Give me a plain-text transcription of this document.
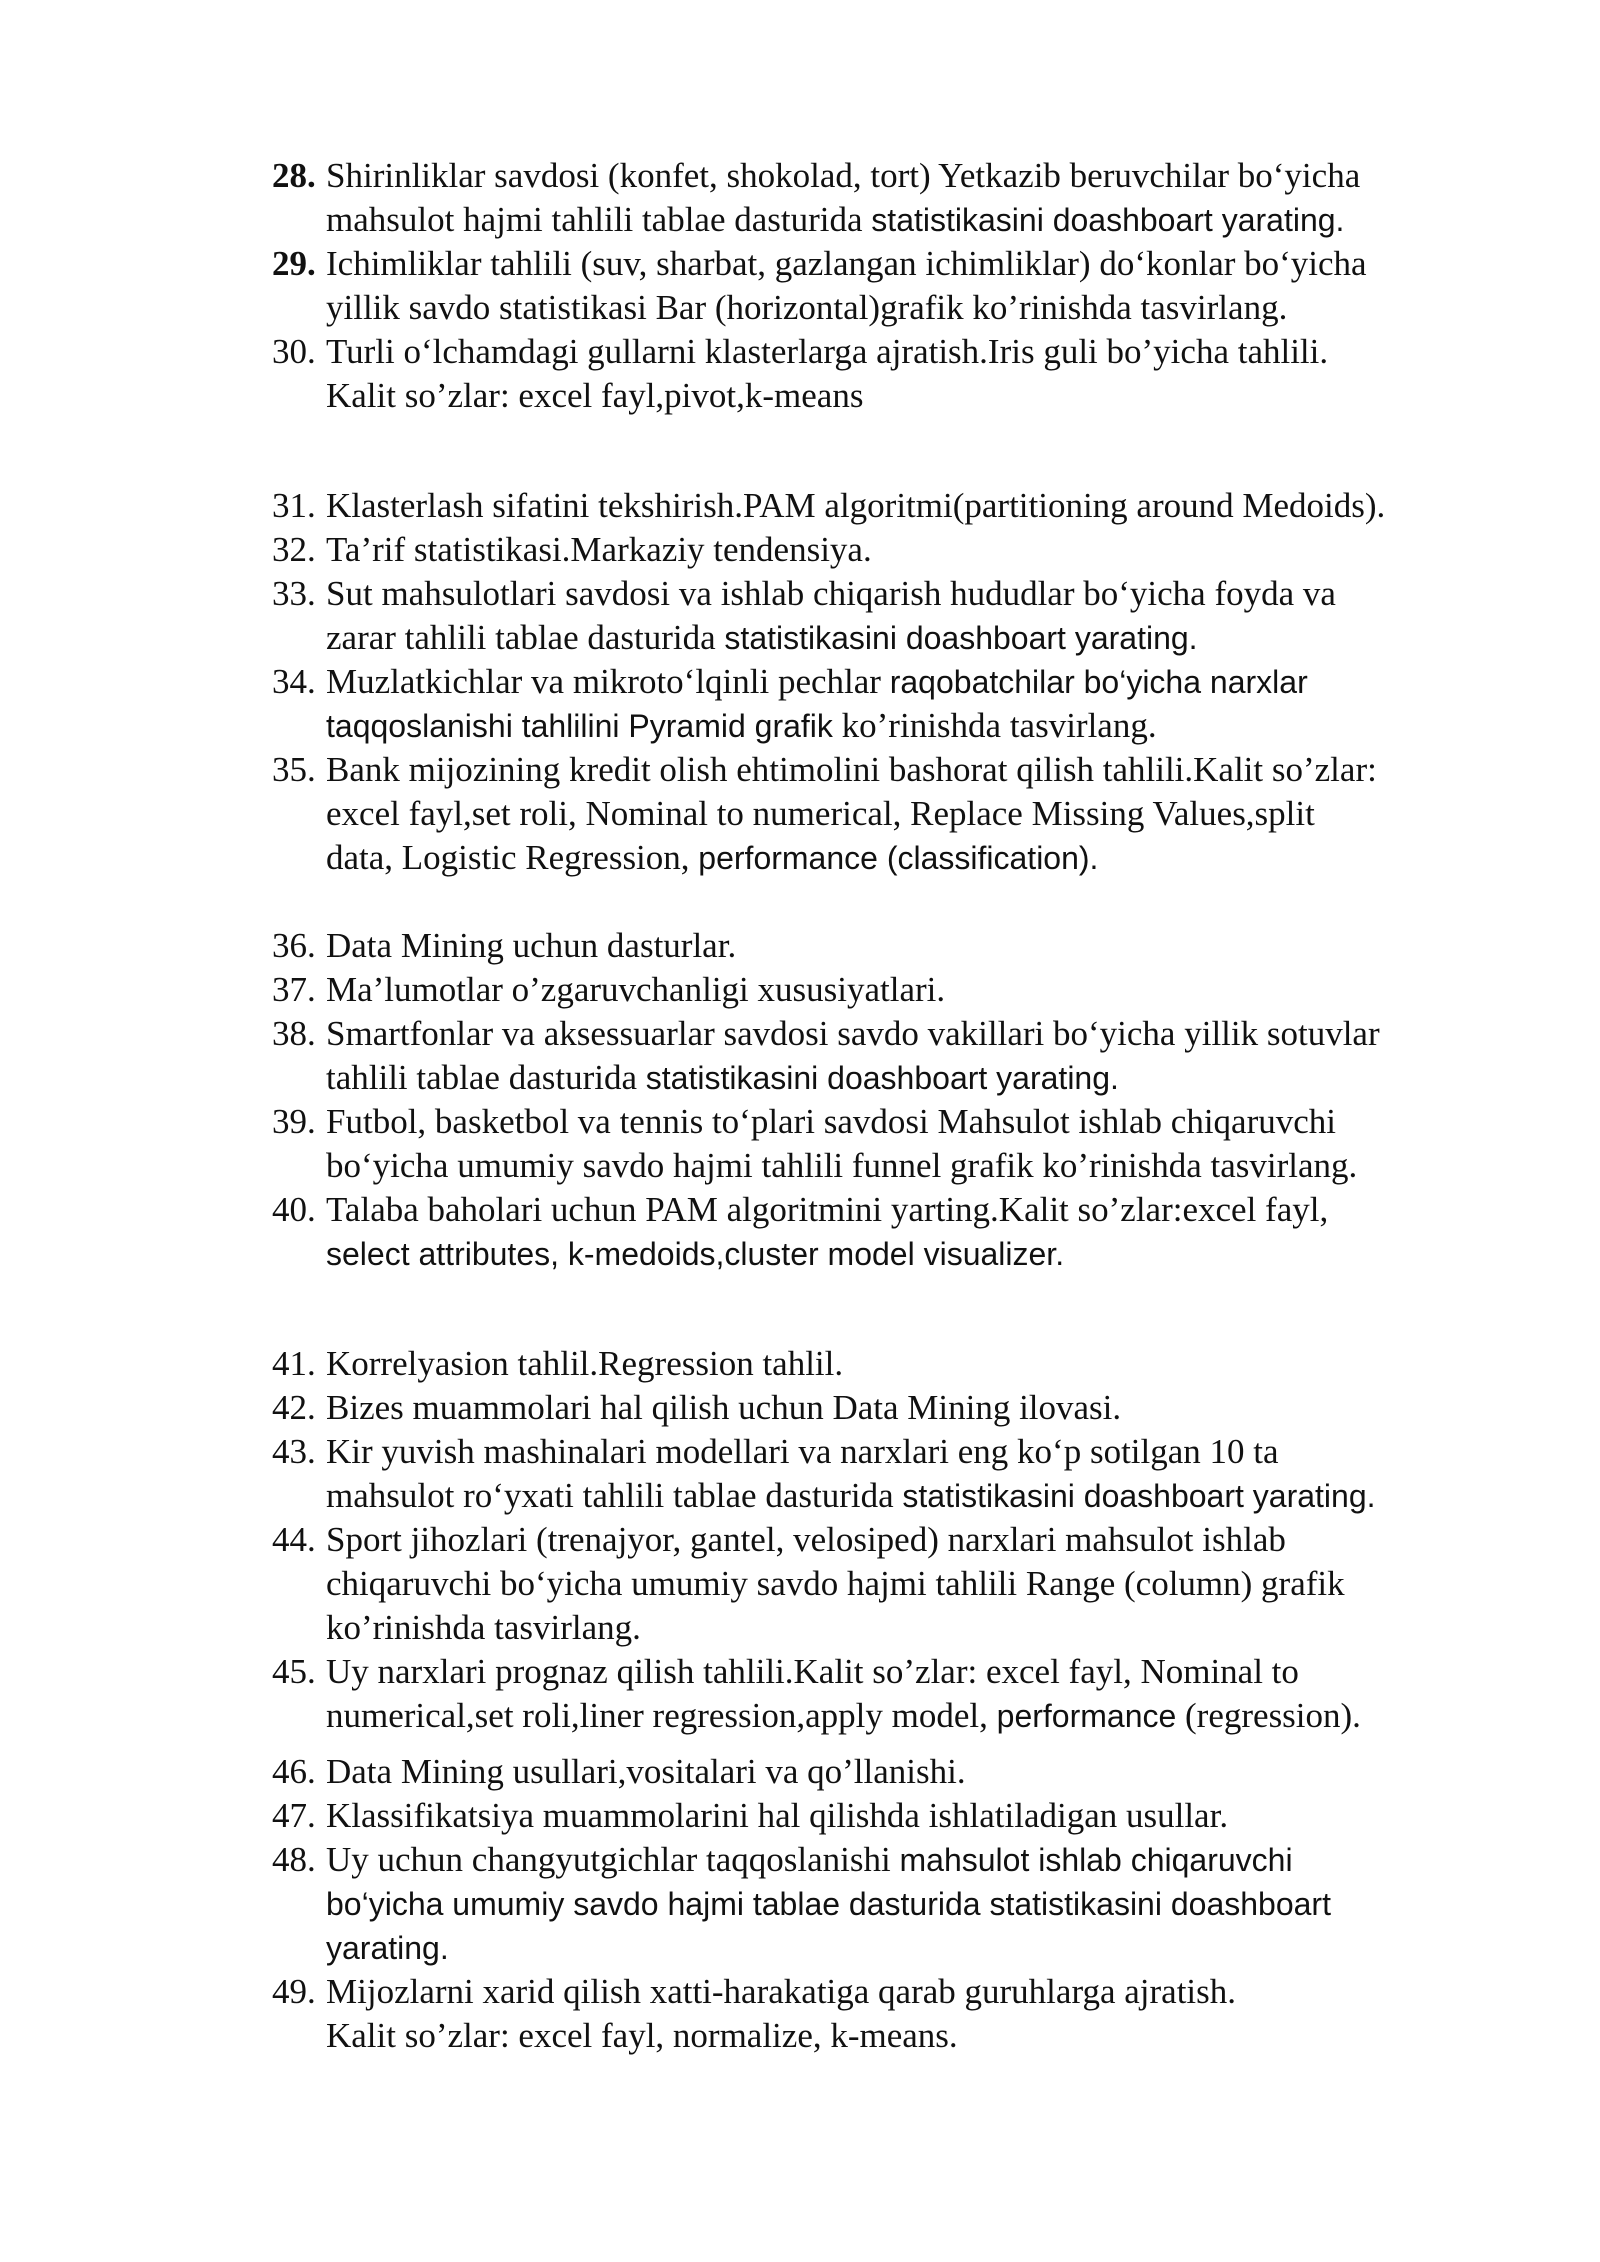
28. Shirinliklar savdosi (konfet, shokolad, tort) Yetkazib beruvchilar bo‘yicha
mahsulot hajmi tahlili tablae dasturida statistikasini doashboart yarating.
29. Ichimliklar tahlili (suv, sharbat, gazlangan ichimliklar) do‘konlar bo‘yicha
yillik savdo statistikasi Bar (horizontal)grafik ko’rinishda tasvirlang.
30. Turli o‘lchamdagi gullarni klasterlarga ajratish.Iris guli bo’yicha tahlili.
Kalit so’zlar: excel fayl,pivot,k-means
31. Klasterlash sifatini tekshirish.PAM algoritmi(partitioning around Medoids).
32. Ta’rif statistikasi.Markaziy tendensiya.
33. Sut mahsulotlari savdosi va ishlab chiqarish hududlar bo‘yicha foyda va
zarar tahlili tablae dasturida statistikasini doashboart yarating.
34. Muzlatkichlar va mikroto‘lqinli pechlar raqobatchilar bo‘yicha narxlar
taqqoslanishi tahlilini Pyramid grafik ko’rinishda tasvirlang.
35. Bank mijozining kredit olish ehtimolini bashorat qilish tahlili.Kalit so’zlar:
excel fayl,set roli, Nominal to numerical, Replace Missing Values,split
data, Logistic Regression, performance (classification).
36. Data Mining uchun dasturlar.
37. Ma’lumotlar o’zgaruvchanligi xususiyatlari.
38. Smartfonlar va aksessuarlar savdosi savdo vakillari bo‘yicha yillik sotuvlar
tahlili tablae dasturida statistikasini doashboart yarating.
39. Futbol, basketbol va tennis to‘plari savdosi Mahsulot ishlab chiqaruvchi
bo‘yicha umumiy savdo hajmi tahlili funnel grafik ko’rinishda tasvirlang.
40. Talaba baholari uchun PAM algoritmini yarting.Kalit so’zlar:excel fayl,
select attributes, k-medoids,cluster model visualizer.
41. Korrelyasion tahlil.Regression tahlil.
42. Bizes muammolari hal qilish uchun Data Mining ilovasi.
43. Kir yuvish mashinalari modellari va narxlari eng ko‘p sotilgan 10 ta
mahsulot ro‘yxati tahlili tablae dasturida statistikasini doashboart yarating.
44. Sport jihozlari (trenajyor, gantel, velosiped) narxlari mahsulot ishlab
chiqaruvchi bo‘yicha umumiy savdo hajmi tahlili Range (column) grafik
ko’rinishda tasvirlang.
45. Uy narxlari prognaz qilish tahlili.Kalit so’zlar: excel fayl, Nominal to
numerical,set roli,liner regression,apply model, performance (regression).
46. Data Mining usullari,vositalari va qo’llanishi.
47. Klassifikatsiya muammolarini hal qilishda ishlatiladigan usullar.
48. Uy uchun changyutgichlar taqqoslanishi mahsulot ishlab chiqaruvchi
bo‘yicha umumiy savdo hajmi tablae dasturida statistikasini doashboart
yarating.
49. Mijozlarni xarid qilish xatti-harakatiga qarab guruhlarga ajratish.
Kalit so’zlar: excel fayl, normalize, k-means.
